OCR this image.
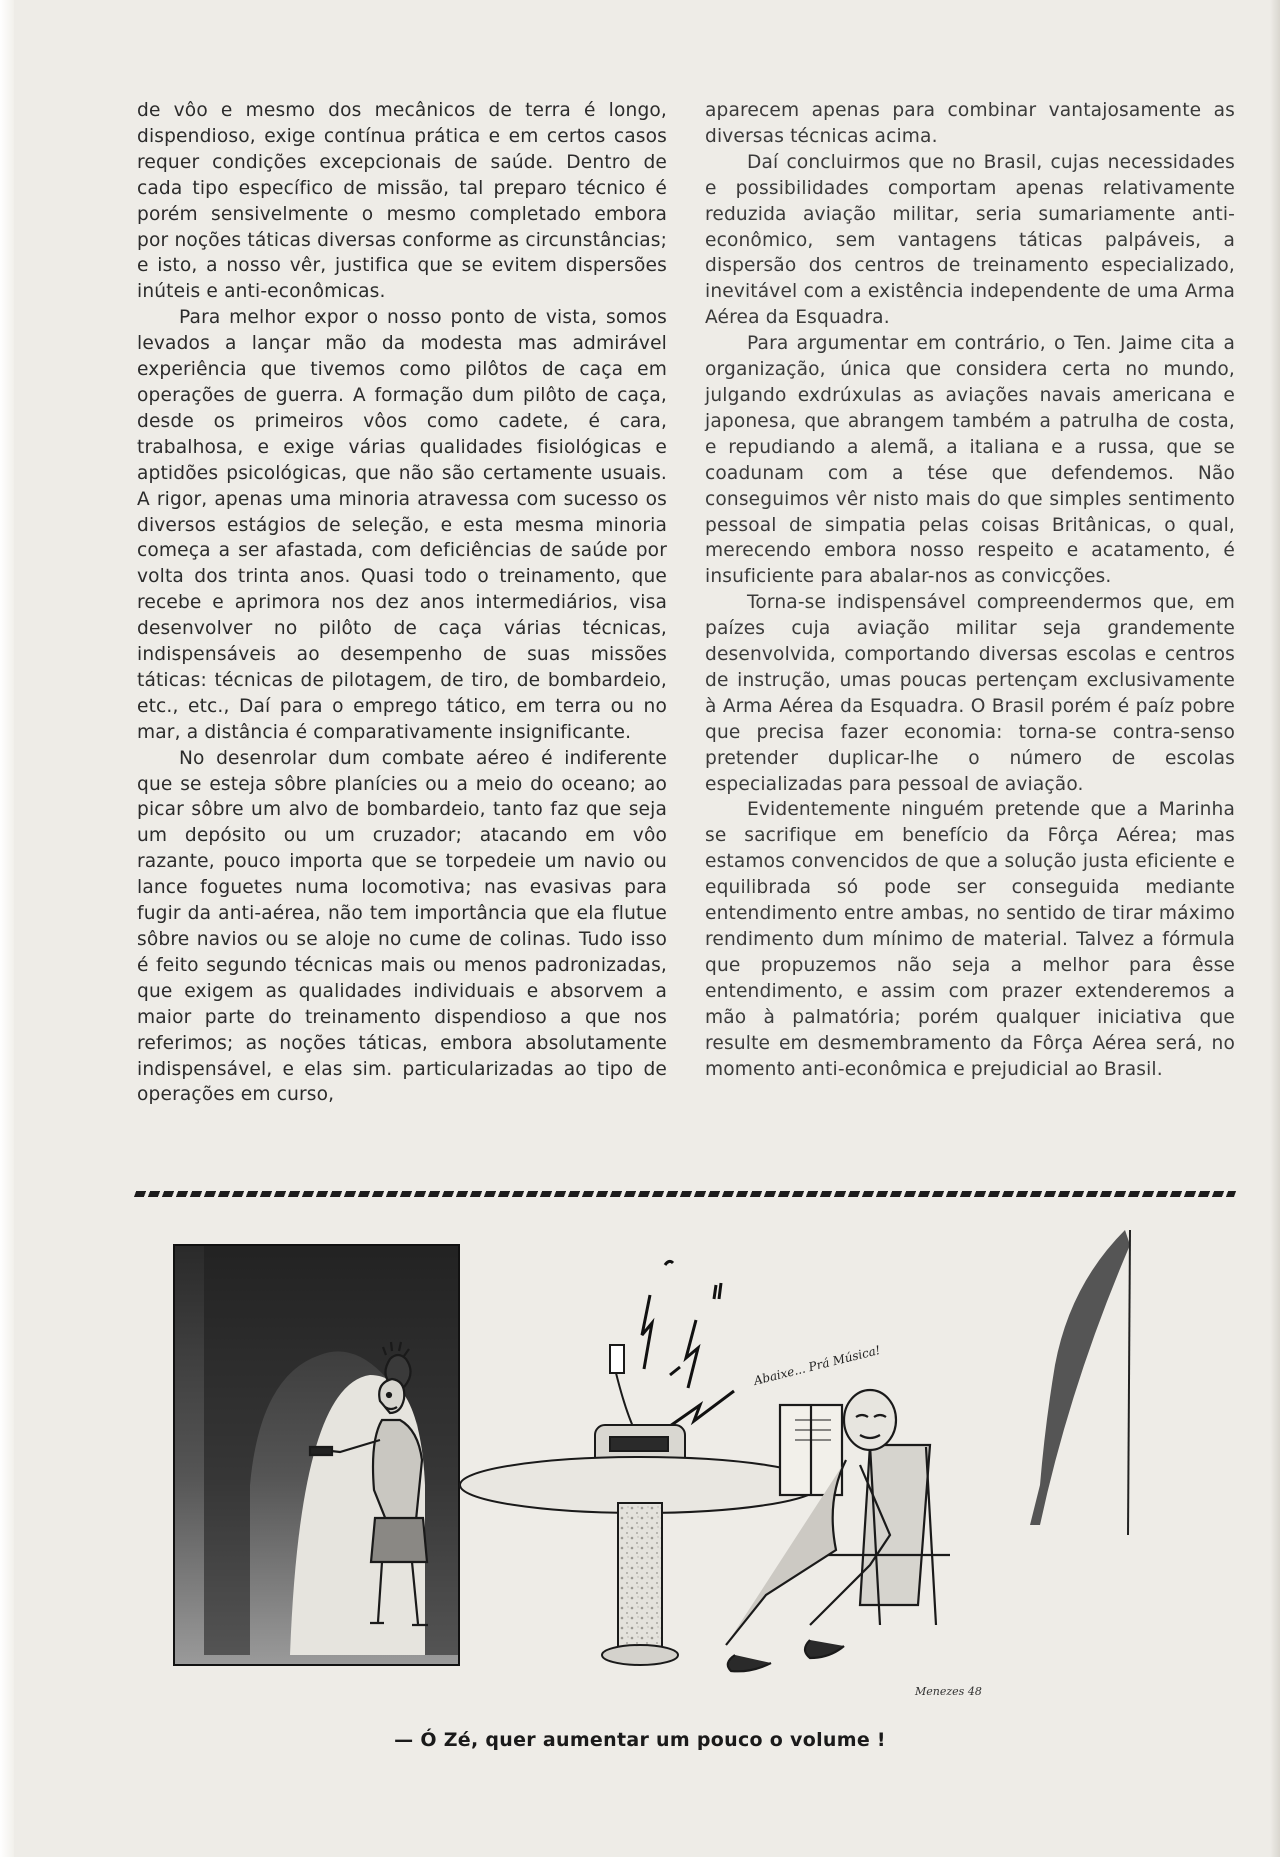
de vôo e mesmo dos mecânicos de terra é longo, dispendioso, exige contínua prática e em certos casos requer condições excepcionais de saúde. Dentro de cada tipo específico de missão, tal preparo técnico é porém sensivelmente o mesmo completado embora por noções táticas diversas conforme as circunstâncias; e isto, a nosso vêr, justifica que se evitem dispersões inúteis e anti-econômicas.

Para melhor expor o nosso ponto de vista, somos levados a lançar mão da modesta mas admirável experiência que tivemos como pilôtos de caça em operações de guerra. A formação dum pilôto de caça, desde os primeiros vôos como cadete, é cara, trabalhosa, e exige várias qualidades fisiológicas e aptidões psicológicas, que não são certamente usuais. A rigor, apenas uma minoria atravessa com sucesso os diversos estágios de seleção, e esta mesma minoria começa a ser afastada, com deficiências de saúde por volta dos trinta anos. Quasi todo o treinamento, que recebe e aprimora nos dez anos intermediários, visa desenvolver no pilôto de caça várias técnicas, indispensáveis ao desempenho de suas missões táticas: técnicas de pilotagem, de tiro, de bombardeio, etc., etc., Daí para o emprego tático, em terra ou no mar, a distância é comparativamente insignificante.

No desenrolar dum combate aéreo é indiferente que se esteja sôbre planícies ou a meio do oceano; ao picar sôbre um alvo de bombardeio, tanto faz que seja um depósito ou um cruzador; atacando em vôo razante, pouco importa que se torpedeie um navio ou lance foguetes numa locomotiva; nas evasivas para fugir da anti-aérea, não tem importância que ela flutue sôbre navios ou se aloje no cume de colinas. Tudo isso é feito segundo técnicas mais ou menos padronizadas, que exigem as qualidades individuais e absorvem a maior parte do treinamento dispendioso a que nos referimos; as noções táticas, embora absolutamente indispensável, e elas sim. particularizadas ao tipo de operações em curso,

aparecem apenas para combinar vantajosamente as diversas técnicas acima.

Daí concluirmos que no Brasil, cujas necessidades e possibilidades comportam apenas relativamente reduzida aviação militar, seria sumariamente anti-econômico, sem vantagens táticas palpáveis, a dispersão dos centros de treinamento especializado, inevitável com a existência independente de uma Arma Aérea da Esquadra.

Para argumentar em contrário, o Ten. Jaime cita a organização, única que considera certa no mundo, julgando exdrúxulas as aviações navais americana e japonesa, que abrangem também a patrulha de costa, e repudiando a alemã, a italiana e a russa, que se coadunam com a tése que defendemos. Não conseguimos vêr nisto mais do que simples sentimento pessoal de simpatia pelas coisas Britânicas, o qual, merecendo embora nosso respeito e acatamento, é insuficiente para abalar-nos as convicções.

Torna-se indispensável compreendermos que, em paízes cuja aviação militar seja grandemente desenvolvida, comportando diversas escolas e centros de instrução, umas poucas pertençam exclusivamente à Arma Aérea da Esquadra. O Brasil porém é paíz pobre que precisa fazer economia: torna-se contra-senso pretender duplicar-lhe o número de escolas especializadas para pessoal de aviação.

Evidentemente ninguém pretende que a Marinha se sacrifique em benefício da Fôrça Aérea; mas estamos convencidos de que a solução justa eficiente e equilibrada só pode ser conseguida mediante entendimento entre ambas, no sentido de tirar máximo rendimento dum mínimo de material. Talvez a fórmula que propuzemos não seja a melhor para êsse entendimento, e assim com prazer extenderemos a mão à palmatória; porém qualquer iniciativa que resulte em desmembramento da Fôrça Aérea será, no momento anti-econômica e prejudicial ao Brasil.

Abaixe... Prá Música!
Menezes 48
— Ó Zé, quer aumentar um pouco o volume !
